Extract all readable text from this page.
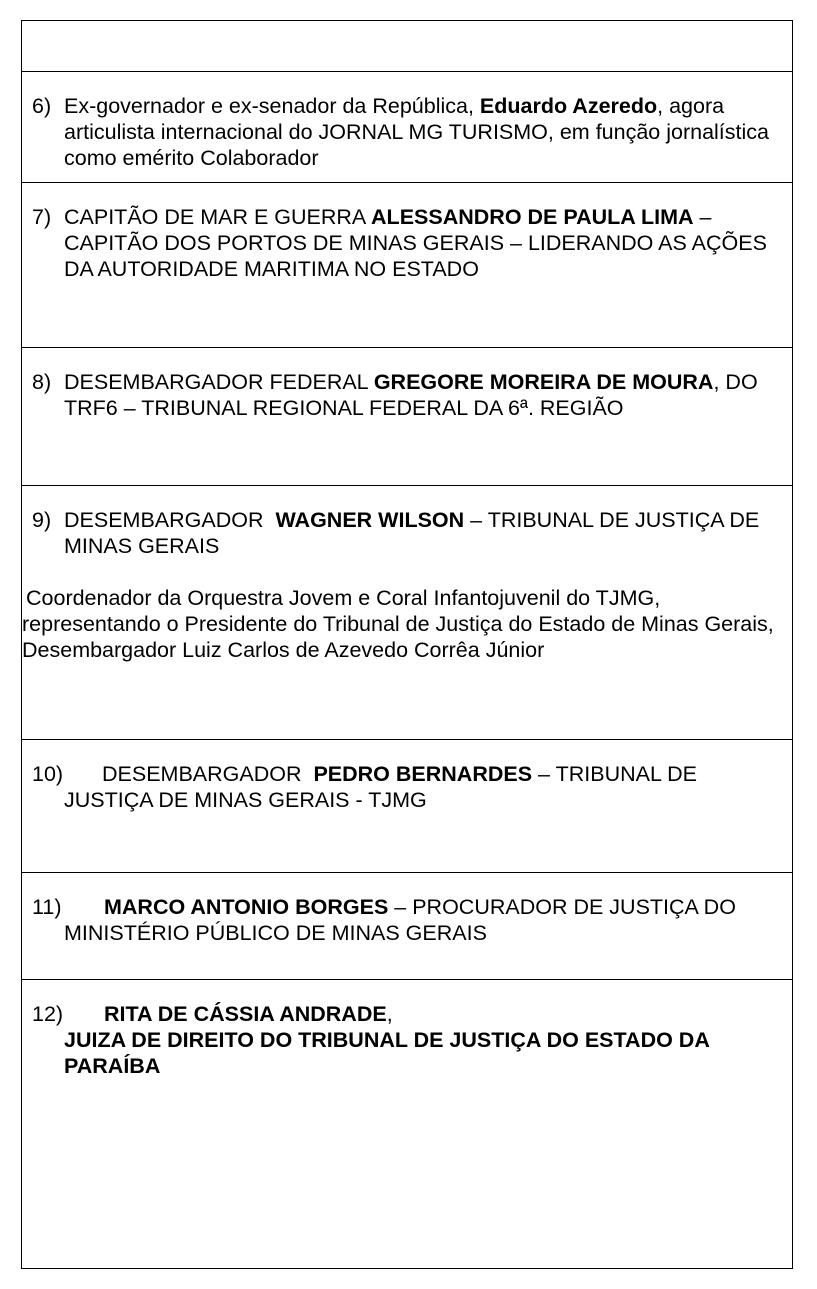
6) Ex-governador e ex-senador da República, Eduardo Azeredo, agora articulista internacional do JORNAL MG TURISMO, em função jornalística como emérito Colaborador

7) CAPITÃO DE MAR E GUERRA ALESSANDRO DE PAULA LIMA – CAPITÃO DOS PORTOS DE MINAS GERAIS – LIDERANDO AS AÇÕES DA AUTORIDADE MARITIMA NO ESTADO

8) DESEMBARGADOR FEDERAL GREGORE MOREIRA DE MOURA, DO TRF6 – TRIBUNAL REGIONAL FEDERAL DA 6ª. REGIÃO

9) DESEMBARGADOR  WAGNER WILSON – TRIBUNAL DE JUSTIÇA DE MINAS GERAIS
Coordenador da Orquestra Jovem e Coral Infantojuvenil do TJMG,  representando o Presidente do Tribunal de Justiça do Estado de Minas Gerais, Desembargador Luiz Carlos de Azevedo Corrêa Júnior

10) DESEMBARGADOR  PEDRO BERNARDES – TRIBUNAL DE JUSTIÇA DE MINAS GERAIS - TJMG

11) MARCO ANTONIO BORGES – PROCURADOR DE JUSTIÇA DO MINISTÉRIO PÚBLICO DE MINAS GERAIS

12) RITA DE CÁSSIA ANDRADE,
JUIZA DE DIREITO DO TRIBUNAL DE JUSTIÇA DO ESTADO DA PARAÍBA
